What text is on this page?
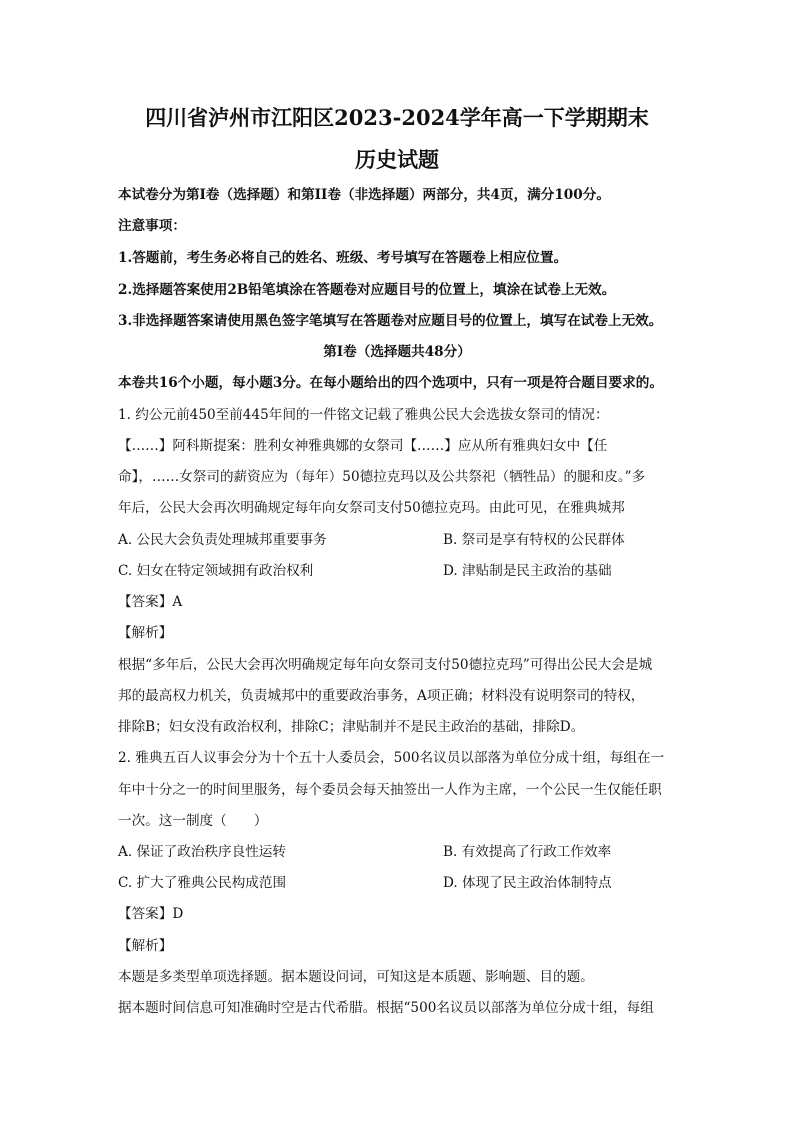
四川省泸州市江阳区2023-2024学年高一下学期期末
历史试题
本试卷分为第I卷（选择题）和第II卷（非选择题）两部分，共4页，满分100分。
注意事项：
1.答题前，考生务必将自己的姓名、班级、考号填写在答题卷上相应位置。
2.选择题答案使用2B铅笔填涂在答题卷对应题目号的位置上，填涂在试卷上无效。
3.非选择题答案请使用黑色签字笔填写在答题卷对应题目号的位置上，填写在试卷上无效。
第I卷（选择题共48分）
本卷共16个小题，每小题3分。在每小题给出的四个选项中，只有一项是符合题目要求的。
1. 约公元前450至前445年间的一件铭文记载了雅典公民大会选拔女祭司的情况：
【……】阿科斯提案：胜利女神雅典娜的女祭司【……】应从所有雅典妇女中【任
命】，……女祭司的薪资应为（每年）50德拉克玛以及公共祭祀（牺牲品）的腿和皮。”多
年后，公民大会再次明确规定每年向女祭司支付50德拉克玛。由此可见，在雅典城邦
A. 公民大会负责处理城邦重要事务	B. 祭司是享有特权的公民群体
C. 妇女在特定领域拥有政治权利	D. 津贴制是民主政治的基础
【答案】A
【解析】
根据“多年后，公民大会再次明确规定每年向女祭司支付50德拉克玛”可得出公民大会是城
邦的最高权力机关，负责城邦中的重要政治事务，A项正确；材料没有说明祭司的特权，
排除B；妇女没有政治权利，排除C；津贴制并不是民主政治的基础，排除D。
2. 雅典五百人议事会分为十个五十人委员会，500名议员以部落为单位分成十组，每组在一
年中十分之一的时间里服务，每个委员会每天抽签出一人作为主席，一个公民一生仅能任职
一次。这一制度（　　）
A. 保证了政治秩序良性运转	B. 有效提高了行政工作效率
C. 扩大了雅典公民构成范围	D. 体现了民主政治体制特点
【答案】D
【解析】
本题是多类型单项选择题。据本题设问词，可知这是本质题、影响题、目的题。
据本题时间信息可知准确时空是古代希腊。根据“500名议员以部落为单位分成十组，每组
